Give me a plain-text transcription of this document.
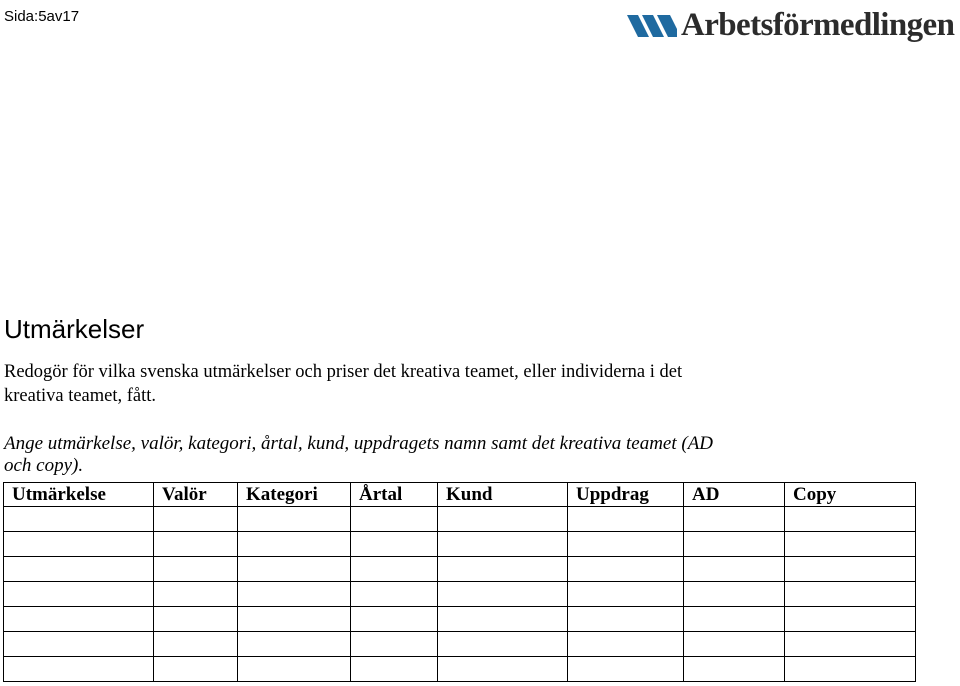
Sida:5av17	Arbetsförmedlingen
Utmärkelser

Redogör för vilka svenska utmärkelser och priser det kreativa teamet, eller individerna i det kreativa teamet, fått.

Ange utmärkelse, valör, kategori, årtal, kund, uppdragets namn samt det kreativa teamet (AD och copy).

Utmärkelse	Valör	Kategori	Årtal	Kund	Uppdrag	AD	Copy
